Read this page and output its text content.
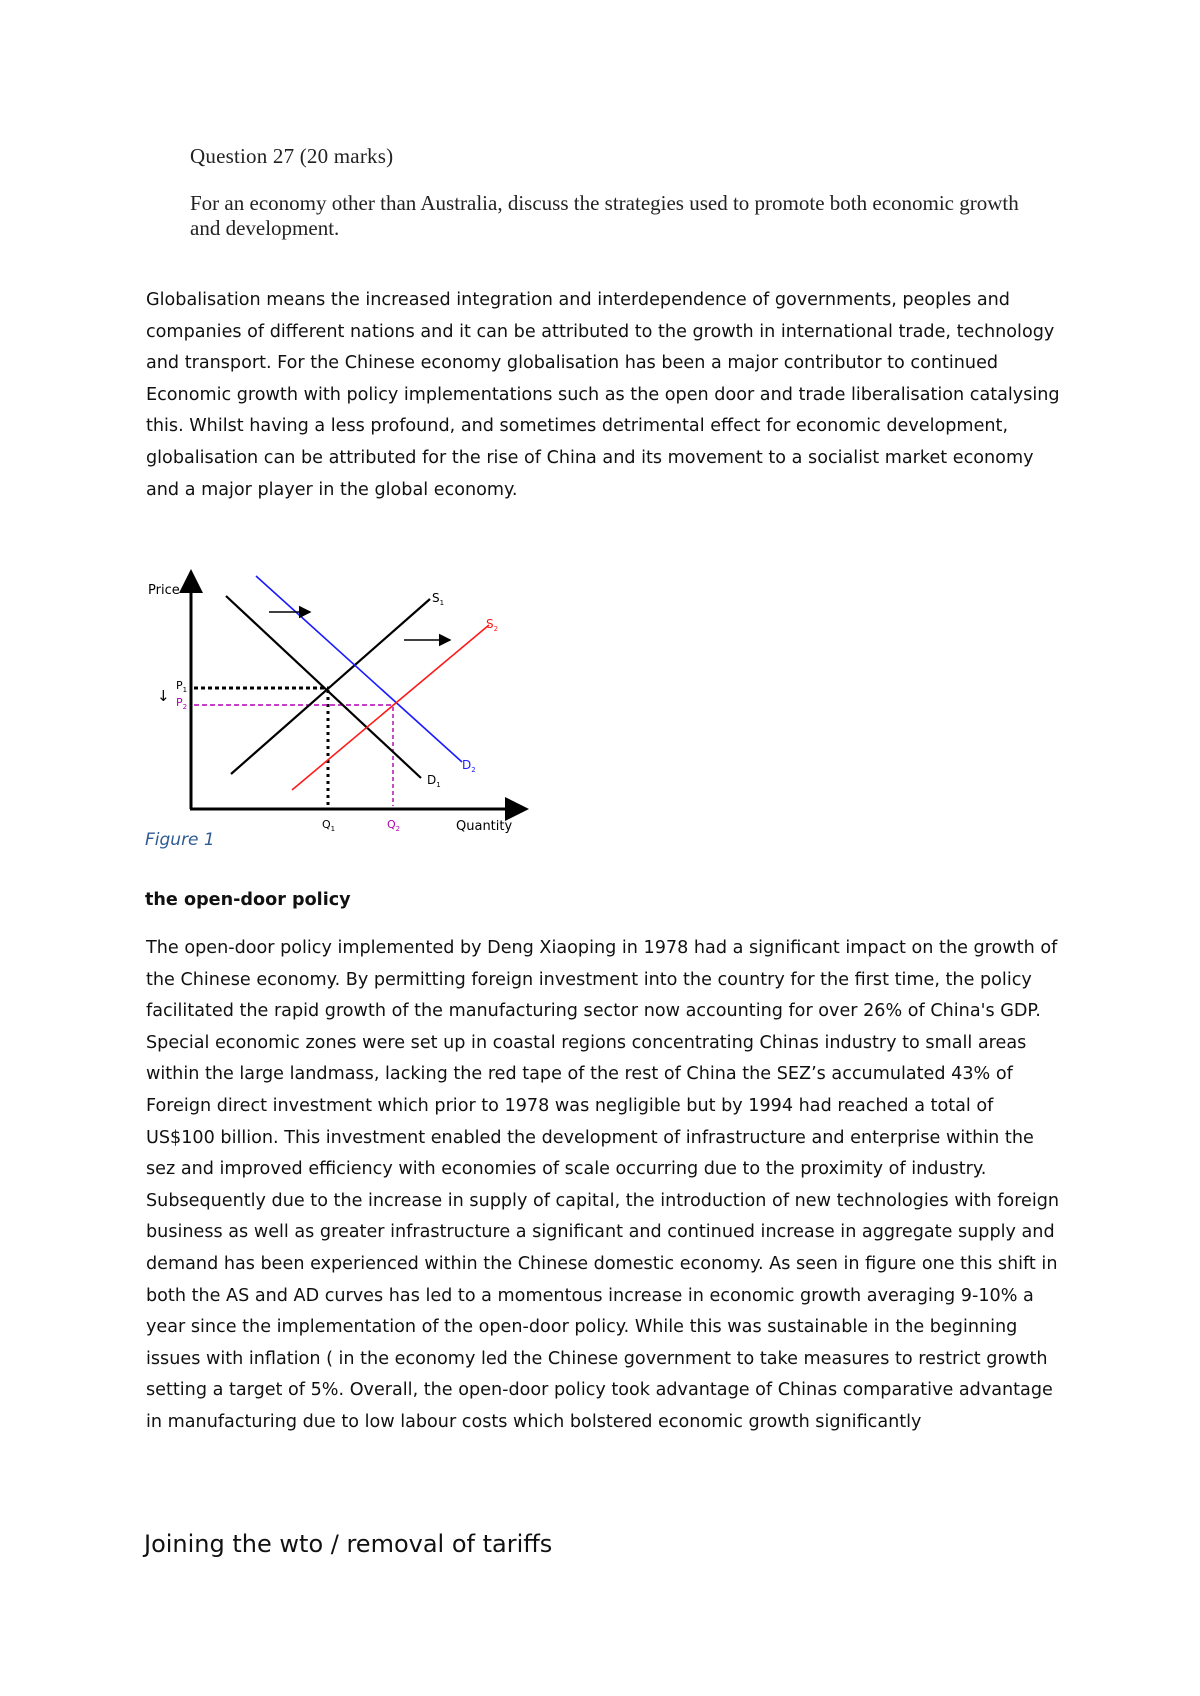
Question 27 (20 marks)

For an economy other than Australia, discuss the strategies used to promote both economic growth and development.

Globalisation means the increased integration and interdependence of governments, peoples and companies of different nations and it can be attributed to the growth in international trade, technology and transport. For the Chinese economy globalisation has been a major contributor to continued Economic growth with policy implementations such as the open door and trade liberalisation catalysing this. Whilst having a less profound, and sometimes detrimental effect for economic development, globalisation can be attributed for the rise of China and its movement to a socialist market economy and a major player in the global economy.

Price
Quantity
$S_1$
$S_2$
$D_1$
$D_2$
$P_1$
$P_2$
↓
$Q_1$	$Q_2$
Figure 1

the open-door policy

The open-door policy implemented by Deng Xiaoping in 1978 had a significant impact on the growth of the Chinese economy. By permitting foreign investment into the country for the first time, the policy facilitated the rapid growth of the manufacturing sector now accounting for over 26% of China's GDP. Special economic zones were set up in coastal regions concentrating Chinas industry to small areas within the large landmass, lacking the red tape of the rest of China the SEZ’s accumulated 43% of Foreign direct investment which prior to 1978 was negligible but by 1994 had reached a total of US$100 billion. This investment enabled the development of infrastructure and enterprise within the sez and improved efficiency with economies of scale occurring due to the proximity of industry. Subsequently due to the increase in supply of capital, the introduction of new technologies with foreign business as well as greater infrastructure a significant and continued increase in aggregate supply and demand has been experienced within the Chinese domestic economy. As seen in figure one this shift in both the AS and AD curves has led to a momentous increase in economic growth averaging 9-10% a year since the implementation of the open-door policy. While this was sustainable in the beginning issues with inflation ( in the economy led the Chinese government to take measures to restrict growth setting a target of 5%. Overall, the open-door policy took advantage of Chinas comparative advantage in manufacturing due to low labour costs which bolstered economic growth significantly

Joining the wto / removal of tariffs
